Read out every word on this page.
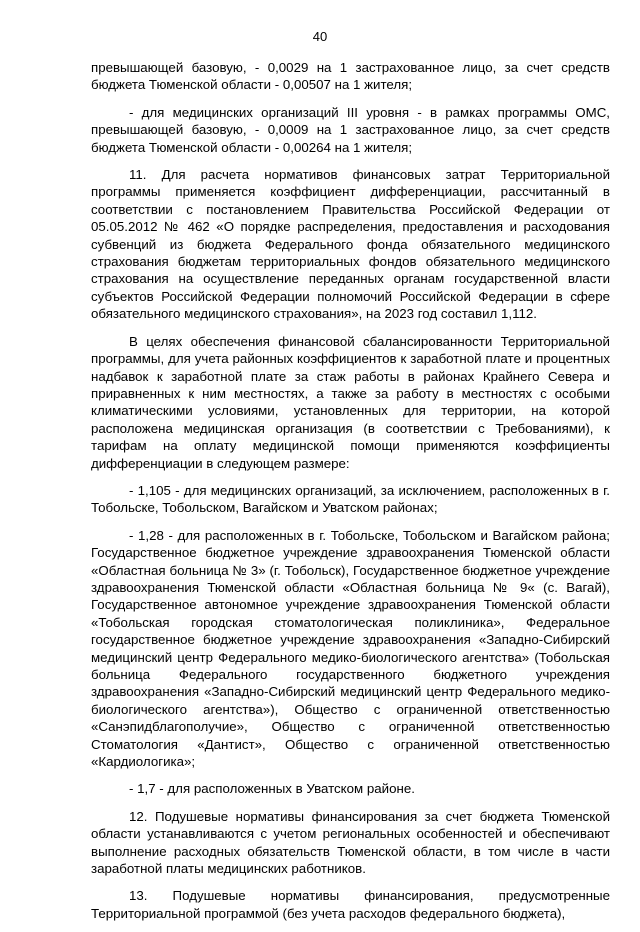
40

превышающей базовую, - 0,0029 на 1 застрахованное лицо, за счет средств бюджета Тюменской области - 0,00507 на 1 жителя;

- для медицинских организаций III уровня - в рамках программы ОМС, превышающей базовую, - 0,0009 на 1 застрахованное лицо, за счет средств бюджета Тюменской области - 0,00264 на 1 жителя;

11. Для расчета нормативов финансовых затрат Территориальной программы применяется коэффициент дифференциации, рассчитанный в соответствии с постановлением Правительства Российской Федерации от 05.05.2012 № 462 «О порядке распределения, предоставления и расходования субвенций из бюджета Федерального фонда обязательного медицинского страхования бюджетам территориальных фондов обязательного медицинского страхования на осуществление переданных органам государственной власти субъектов Российской Федерации полномочий Российской Федерации в сфере обязательного медицинского страхования», на 2023 год составил 1,112.

В целях обеспечения финансовой сбалансированности Территориальной программы, для учета районных коэффициентов к заработной плате и процентных надбавок к заработной плате за стаж работы в районах Крайнего Севера и приравненных к ним местностях, а также за работу в местностях с особыми климатическими условиями, установленных для территории, на которой расположена медицинская организация (в соответствии с Требованиями), к тарифам на оплату медицинской помощи применяются коэффициенты дифференциации в следующем размере:

- 1,105 - для медицинских организаций, за исключением, расположенных в г. Тобольске, Тобольском, Вагайском и Уватском районах;

- 1,28 - для расположенных в г. Тобольске, Тобольском и Вагайском района; Государственное бюджетное учреждение здравоохранения Тюменской области «Областная больница № 3» (г. Тобольск), Государственное бюджетное учреждение здравоохранения Тюменской области «Областная больница № 9« (с. Вагай), Государственное автономное учреждение здравоохранения Тюменской области «Тобольская городская стоматологическая поликлиника», Федеральное государственное бюджетное учреждение здравоохранения «Западно-Сибирский медицинский центр Федерального медико-биологического агентства» (Тобольская больница Федерального государственного бюджетного учреждения здравоохранения «Западно-Сибирский медицинский центр Федерального медико-биологического агентства»), Общество с ограниченной ответственностью «Санэпидблагополучие», Общество с ограниченной ответственностью Стоматология «Дантист», Общество с ограниченной ответственностью «Кардиологика»;

- 1,7 - для расположенных в Уватском районе.

12. Подушевые нормативы финансирования за счет бюджета Тюменской области устанавливаются с учетом региональных особенностей и обеспечивают выполнение расходных обязательств Тюменской области, в том числе в части заработной платы медицинских работников.

13. Подушевые нормативы финансирования, предусмотренные Территориальной программой (без учета расходов федерального бюджета),
